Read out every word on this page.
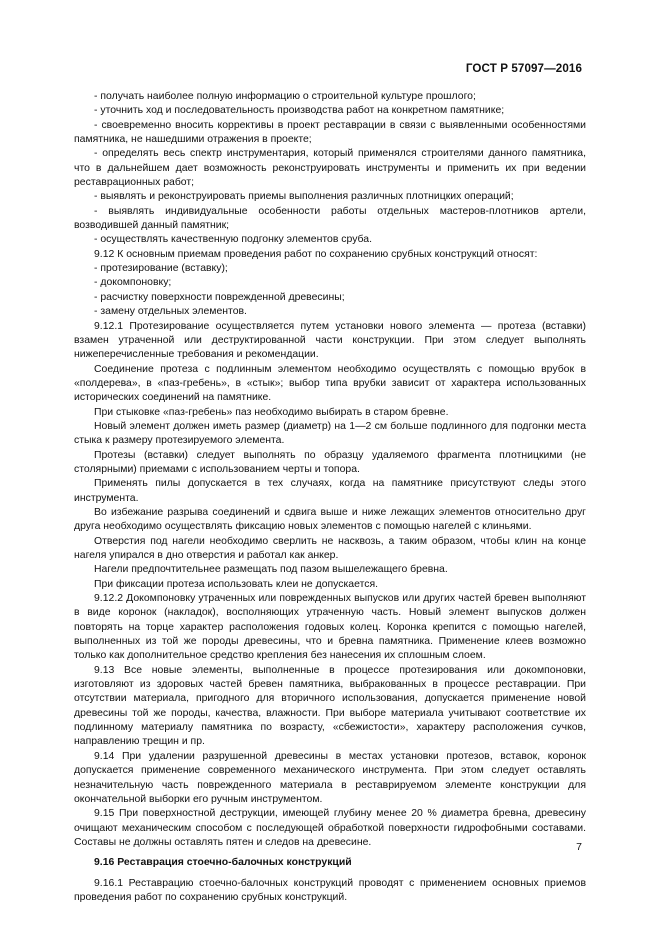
ГОСТ Р 57097—2016

- получать наиболее полную информацию о строительной культуре прошлого;

- уточнить ход и последовательность производства работ на конкретном памятнике;

- своевременно вносить коррективы в проект реставрации в связи с выявленными особенностями памятника, не нашедшими отражения в проекте;

- определять весь спектр инструментария, который применялся строителями данного памятника, что в дальнейшем дает возможность реконструировать инструменты и применить их при ведении реставрационных работ;

- выявлять и реконструировать приемы выполнения различных плотницких операций;

- выявлять индивидуальные особенности работы отдельных мастеров-плотников артели, возводившей данный памятник;

- осуществлять качественную подгонку элементов сруба.

9.12 К основным приемам проведения работ по сохранению срубных конструкций относят:

- протезирование (вставку);

- докомпоновку;

- расчистку поверхности поврежденной древесины;

- замену отдельных элементов.

9.12.1 Протезирование осуществляется путем установки нового элемента — протеза (вставки) взамен утраченной или деструктированной части конструкции. При этом следует выполнять нижеперечисленные требования и рекомендации.

Соединение протеза с подлинным элементом необходимо осуществлять с помощью врубок в «полдерева», в «паз-гребень», в «стык»; выбор типа врубки зависит от характера использованных исторических соединений на памятнике.

При стыковке «паз-гребень» паз необходимо выбирать в старом бревне.

Новый элемент должен иметь размер (диаметр) на 1—2 см больше подлинного для подгонки места стыка к размеру протезируемого элемента.

Протезы (вставки) следует выполнять по образцу удаляемого фрагмента плотницкими (не столярными) приемами с использованием черты и топора.

Применять пилы допускается в тех случаях, когда на памятнике присутствуют следы этого инструмента.

Во избежание разрыва соединений и сдвига выше и ниже лежащих элементов относительно друг друга необходимо осуществлять фиксацию новых элементов с помощью нагелей с клиньями.

Отверстия под нагели необходимо сверлить не насквозь, а таким образом, чтобы клин на конце нагеля упирался в дно отверстия и работал как анкер.

Нагели предпочтительнее размещать под пазом вышележащего бревна.

При фиксации протеза использовать клеи не допускается.

9.12.2 Докомпоновку утраченных или поврежденных выпусков или других частей бревен выполняют в виде коронок (накладок), восполняющих утраченную часть. Новый элемент выпусков должен повторять на торце характер расположения годовых колец. Коронка крепится с помощью нагелей, выполненных из той же породы древесины, что и бревна памятника. Применение клеев возможно только как дополнительное средство крепления без нанесения их сплошным слоем.

9.13 Все новые элементы, выполненные в процессе протезирования или докомпоновки, изготовляют из здоровых частей бревен памятника, выбракованных в процессе реставрации. При отсутствии материала, пригодного для вторичного использования, допускается применение новой древесины той же породы, качества, влажности. При выборе материала учитывают соответствие их подлинному материалу памятника по возрасту, «сбежистости», характеру расположения сучков, направлению трещин и пр.

9.14 При удалении разрушенной древесины в местах установки протезов, вставок, коронок допускается применение современного механического инструмента. При этом следует оставлять незначительную часть поврежденного материала в реставрируемом элементе конструкции для окончательной выборки его ручным инструментом.

9.15 При поверхностной деструкции, имеющей глубину менее 20 % диаметра бревна, древесину очищают механическим способом с последующей обработкой поверхности гидрофобными составами. Составы не должны оставлять пятен и следов на древесине.

9.16 Реставрация стоечно-балочных конструкций

9.16.1 Реставрацию стоечно-балочных конструкций проводят с применением основных приемов проведения работ по сохранению срубных конструкций.

7
